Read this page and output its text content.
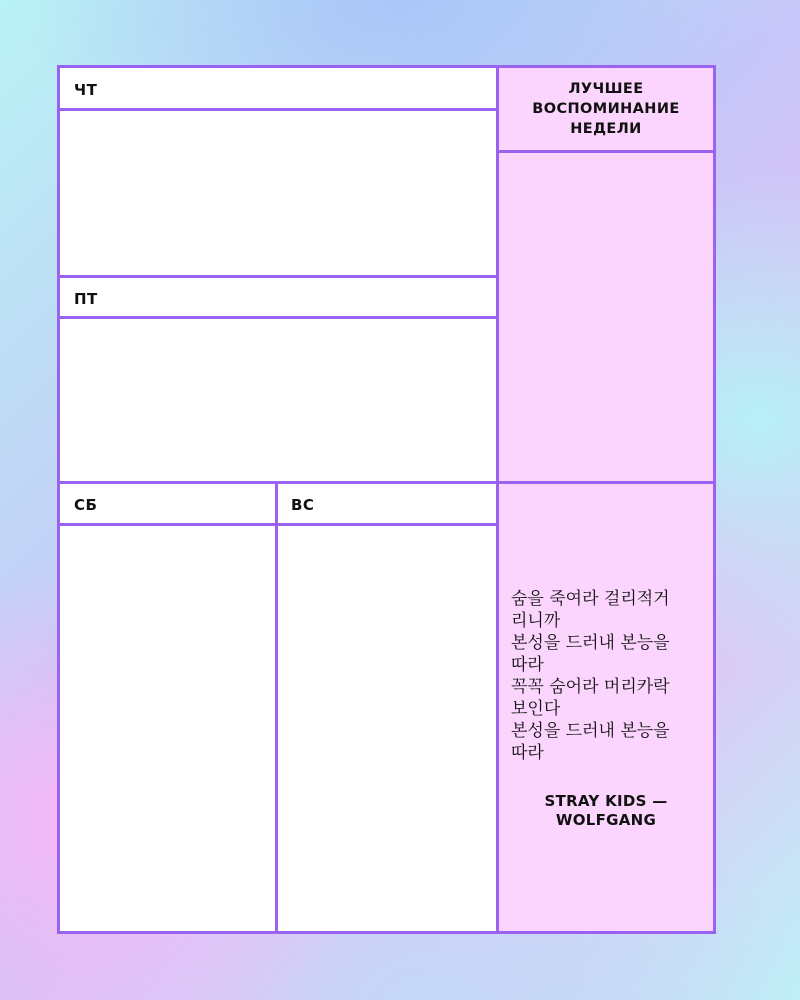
ЛУЧШЕЕ
ВОСПОМИНАНИЕ
НЕДЕЛИ
숨을 죽여라 걸리적거
리니까
본성을 드러내 본능을
따라
꼭꼭 숨어라 머리카락
보인다
본성을 드러내 본능을
따라
STRAY KIDS —
WOLFGANG
ЧТ
ПТ
СБ	ВС
